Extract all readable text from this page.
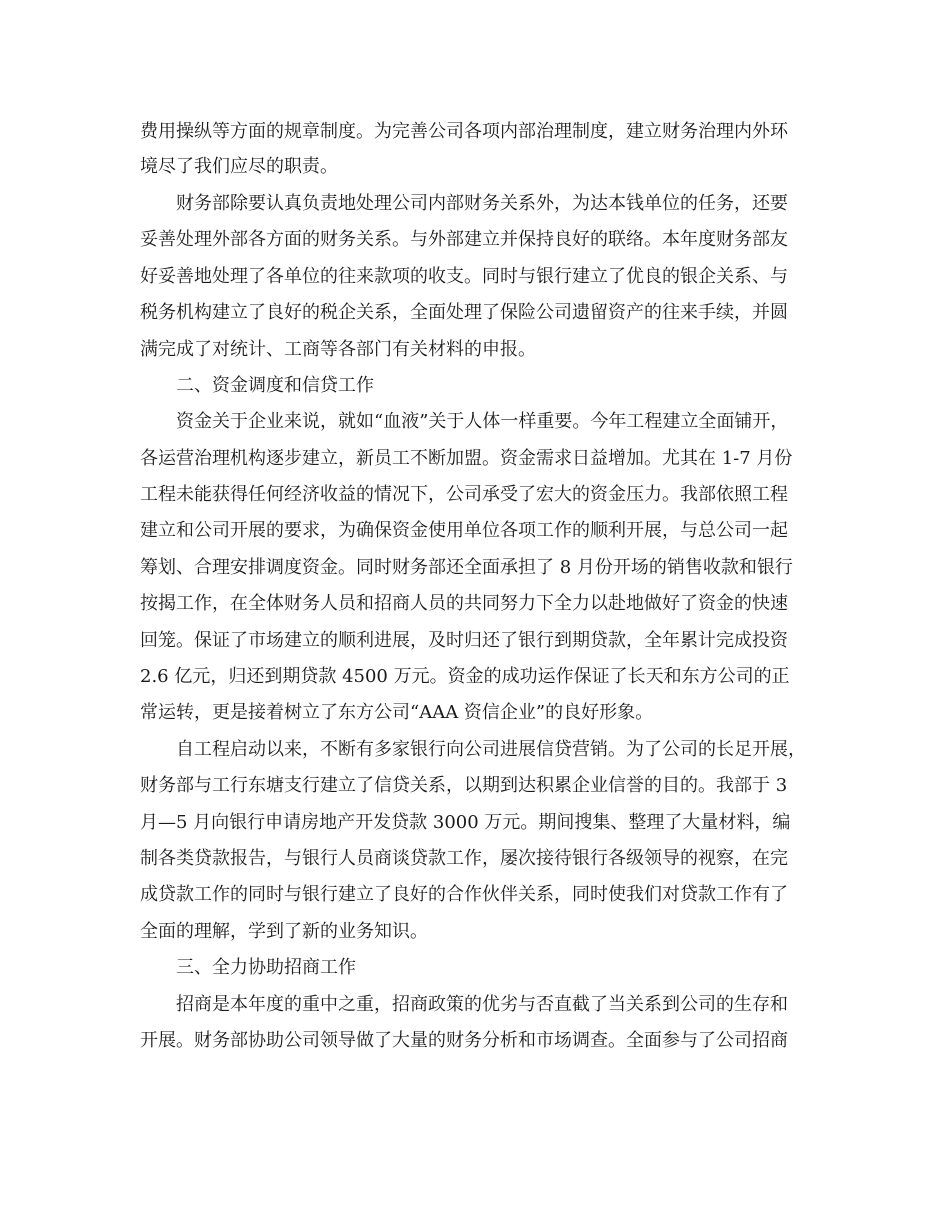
费用操纵等方面的规章制度。为完善公司各项内部治理制度，建立财务治理内外环
境尽了我们应尽的职责。
财务部除要认真负责地处理公司内部财务关系外，为达本钱单位的任务，还要
妥善处理外部各方面的财务关系。与外部建立并保持良好的联络。本年度财务部友
好妥善地处理了各单位的往来款项的收支。同时与银行建立了优良的银企关系、与
税务机构建立了良好的税企关系，全面处理了保险公司遗留资产的往来手续，并圆
满完成了对统计、工商等各部门有关材料的申报。
二、资金调度和信贷工作
资金关于企业来说，就如“血液”关于人体一样重要。今年工程建立全面铺开，
各运营治理机构逐步建立，新员工不断加盟。资金需求日益增加。尤其在 1-7 月份
工程未能获得任何经济收益的情况下，公司承受了宏大的资金压力。我部依照工程
建立和公司开展的要求，为确保资金使用单位各项工作的顺利开展，与总公司一起
筹划、合理安排调度资金。同时财务部还全面承担了 8 月份开场的销售收款和银行
按揭工作，在全体财务人员和招商人员的共同努力下全力以赴地做好了资金的快速
回笼。保证了市场建立的顺利进展，及时归还了银行到期贷款，全年累计完成投资
2.6 亿元，归还到期贷款 4500 万元。资金的成功运作保证了长天和东方公司的正
常运转，更是接着树立了东方公司“AAA 资信企业”的良好形象。
自工程启动以来，不断有多家银行向公司进展信贷营销。为了公司的长足开展，
财务部与工行东塘支行建立了信贷关系，以期到达积累企业信誉的目的。我部于 3
月—5 月向银行申请房地产开发贷款 3000 万元。期间搜集、整理了大量材料，编
制各类贷款报告，与银行人员商谈贷款工作，屡次接待银行各级领导的视察，在完
成贷款工作的同时与银行建立了良好的合作伙伴关系，同时使我们对贷款工作有了
全面的理解，学到了新的业务知识。
三、全力协助招商工作
招商是本年度的重中之重，招商政策的优劣与否直截了当关系到公司的生存和
开展。财务部协助公司领导做了大量的财务分析和市场调查。全面参与了公司招商
